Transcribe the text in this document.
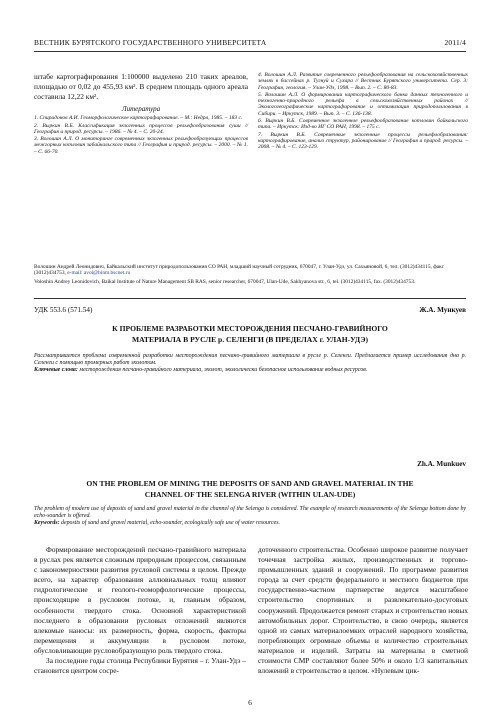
ВЕСТНИК БУРЯТСКОГО ГОСУДАРСТВЕННОГО УНИВЕРСИТЕТА	2011/4
штабе картографирования 1:100000 выделено 210 таких ареалов, площадью от 0,02 до 455,93 км². В среднем площадь одного ареала составила 12,22 км².
Литература

1. Спиридонов А.И. Геоморфологическое картографирование. – М.: Недра, 1985. – 183 с.

2. Выркин В.Б. Классификация экзогенных процессов рельефообразования суши // География и природ. ресурсы. – 1986. – № 4. – С. 20-24.

3. Волошин А.Л. О мониторинге современных экзогенных рельефообразующих процессов межгорных котловин забайкальского типа // География и природ. ресурсы. – 2000. – № 1. – С. 66-70.

4. Волошин А.Л. Развитие современного рельефообразования на сельскохозяйственных землях в бассейнах р. Тугнуй и Сухара // Вестник Бурятского университета. Сер. 3: География, геология. – Улан-Удэ, 1998. – Вып. 2. – С. 80-83.

5. Волошин А.Л. О формировании картографического банка данных техногенного и техногенно-природного рельефа в сельскохозяйственных районах // Экологогеографические картографирование и оптимизация природопользования в Сибири. – Иркутск, 1989. – Вып. 3. – С. 136-138.

6. Выркин В.Б. Современное экзогенное рельефообразование котловин байкальского типа. – Иркутск: Изд-во ИГ СО РАН, 1998. – 175 с.

7. Выркин В.Б. Современные экзогенные процессы рельефообразования: картографирование, анализ структур, районирование // География и природ. ресурсы. – 2008. – № 4. – С. 123-129.

Волошин Андрей Леонидович, Байкальский институт природопользования СО РАН, младший научный сотрудник, 670047, г. Улан-Удэ, ул. Сахьяновой, 6, тел. (3012)434115, факс (3012)434753, e-mail: avol@binm.bscnet.ru

Voloshin Andrey Leonidovich, Baikal Institute of Nature Management SB RAS, senior researcher, 670047, Ulan-Ude, Sakhyanova str., 6, tel. (3012)434115, fax. (3012)434753.

УДК 553.6 (571.54)	Ж.А. Мункуев
К ПРОБЛЕМЕ РАЗРАБОТКИ МЕСТОРОЖДЕНИЯ ПЕСЧАНО-ГРАВИЙНОГО МАТЕРИАЛА В РУСЛЕ р. СЕЛЕНГИ (В ПРЕДЕЛАХ г. УЛАН-УДЭ)

Рассматривается проблема современной разработки месторождения песчано-гравийного материала в русле р. Селенги. Предлагается пример исследования дна р. Селенги с помощью промерных работ эхолотом.

Ключевые слова: месторождения песчано-гравийного материала, эхолот, экологически безопасное использование водных ресурсов.

Zh.A. Munkuev
ON THE PROBLEM OF MINING THE DEPOSITS OF SAND AND GRAVEL MATERIAL IN THE CHANNEL OF THE SELENGA RIVER (WITHIN ULAN-UDE)

The problem of modern use of deposits of sand and gravel material in the channel of the Selenga is considered. The example of research measurements of the Selenga bottom done by echo-sounder is offered.

Keywords: deposits of sand and gravel material, echo-sounder, ecologically safe use of water resources.

Формирование месторождений песчано-гравийного материала в руслах рек является сложным природным процессом, связанным с закономерностями развития русловой системы в целом. Прежде всего, на характер образования аллювиальных толщ влияют гидрологические и геолого-геоморфологические процессы, происходящие в русловом потоке, и, главным образом, особенности твердого стока. Основной характеристикой последнего в образовании русловых отложений являются влекомые наносы: их размерность, форма, скорость, факторы перемещения и аккумуляции в русловом потоке, обусловливающие русловобразующую роль твердого стока.

За последние годы столица Республики Бурятия – г. Улан-Удэ – становится центром сосре-

доточенного строительства. Особенно широкое развитие получает точечная застройка жилых, производственных и торгово-промышленных зданий и сооружений. По программе развития города за счет средств федерального и местного бюджетов при государственно-частном партнерстве ведется масштабное строительство спортивных и развлекательно-досуговых сооружений. Продолжается ремонт старых и строительство новых автомобильных дорог. Строительство, в свою очередь, является одной из самых материалоемких отраслей народного хозяйства, потребляющих огромные объемы и количество строительных материалов и изделий. Затраты на материалы в сметной стоимости СМР составляют более 50% и около 1/3 капитальных вложений в строительство в целом. «Нулевым цик-

6
